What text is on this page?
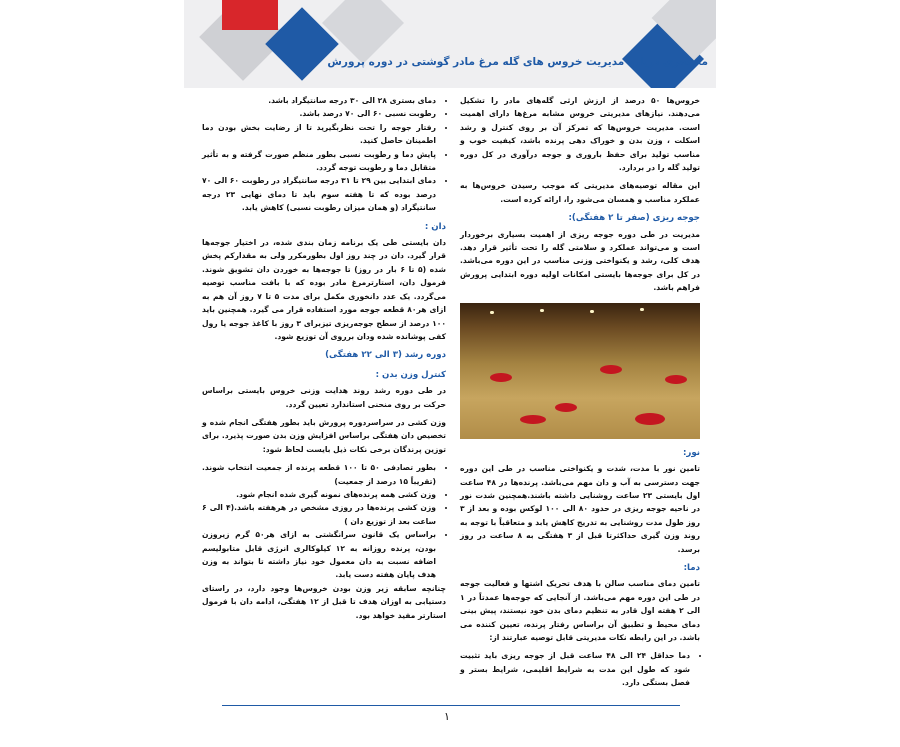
مختصری درباره مدیریت خروس های گله مرغ مادر گوشتی در دوره پرورش

خروس‌ها ۵۰ درصد از ارزش ارثی گله‌های مادر را تشکیل می‌دهند. نیازهای مدیریتی خروس مشابه مرغ‌ها دارای اهمیت است. مدیریت خروس‌ها که تمرکز آن بر روی کنترل و رشد اسکلت ، وزن بدن و خوراک دهی پرنده باشد، کیفیت خوب و مناسب تولید برای حفظ باروری و جوجه درآوری در کل دوره تولید گله را در بردارد.

این مقاله توصیه‌های مدیریتی که موجب رسیدن خروس‌ها به عملکرد مناسب و همسان می‌شود را، ارائه کرده است.

جوجه ریزی (صفر تا ۲ هفتگی):

مدیریت در طی دوره جوجه ریزی از اهمیت بسیاری برخوردار است و می‌تواند عملکرد و سلامتی گله را تحت تأثیر قرار دهد. هدف کلی، رشد و یکنواختی وزنی مناسب در این دوره می‌باشد. در کل برای جوجه‌ها بایستی امکانات اولیه دوره ابتدایی پرورش فراهم باشد.

نور:

تامین نور با مدت، شدت و یکنواختی مناسب در طی این دوره جهت دسترسی به آب و دان مهم می‌باشد. پرنده‌ها در ۴۸ ساعت اول بایستی ۲۳ ساعت روشنایی داشته باشند.همچنین شدت نور در ناحیه جوجه ریزی در حدود ۸۰ الی ۱۰۰ لوکس بوده و بعد از ۳ روز طول مدت روشنایی به تدریج کاهش یابد و متعاقباً با توجه به روند وزن گیری حداکثرتا قبل از ۳ هفتگی به ۸ ساعت در روز برسد.

دما:

تامین دمای مناسب سالن با هدف تحریک اشتها و فعالیت جوجه در طی این دوره مهم می‌باشد. از آنجایی که جوجه‌ها عمدتاً در ۱ الی ۲ هفته اول قادر به تنظیم دمای بدن خود نیستند، پیش بینی دمای محیط و تطبیق آن براساس رفتار پرنده، تعیین کننده می باشد. در این رابطه نکات مدیریتی قابل توصیه عبارتند از:

• دما حداقل ۲۴ الی ۴۸ ساعت قبل از جوجه ریزی باید تثبیت شود که طول این مدت به شرایط اقلیمی، شرایط بستر و فصل بستگی دارد.
• دمای بستری ۲۸ الی ۳۰ درجه سانتیگراد باشد.
• رطوبت نسبی ۶۰ الی ۷۰ درصد باشد.
• رفتار جوجه را تحت نظربگیرید تا از رضایت بخش بودن دما اطمینان حاصل کنید.
• پایش دما و رطوبت نسبی بطور منظم صورت گرفته و به تأثیر متقابل دما و رطوبت توجه گردد.
• دمای ابتدایی بین ۲۹ تا ۳۱ درجه سانتیگراد در رطوبت ۶۰ الی ۷۰ درصد بوده که تا هفته سوم باید تا دمای نهایی ۲۳ درجه سانتیگراد (و همان میزان رطوبت نسبی) کاهش یابد.
دان :

دان بایستی طی یک برنامه زمان بندی شده، در اختیار جوجه‌ها قرار گیرد. دان در چند روز اول بطورمکرر ولی به مقدارکم پخش شده (۵ تا ۶ بار در روز) تا جوجه‌ها به خوردن دان تشویق شوند. فرمول دان، استارترمرغ مادر بوده که با بافت مناسب توصیه می‌گردد. یک عدد دانخوری مکمل برای مدت ۵ تا ۷ روز آن هم به ازای هر۸۰ قطعه جوجه مورد استفاده قرار می گیرد. همچنین باید ۱۰۰ درصد از سطح جوجه‌ریزی تیزبرای ۳ روز با کاغذ جوجه یا رول کفی پوشانده شده ودان برروی آن توزیع شود.

دوره رشد (۳ الی ۲۲ هفتگی)
کنترل وزن بدن :

در طی دوره رشد روند هدایت وزنی خروس بایستی براساس حرکت بر روی منحنی استاندارد تعیین گردد.

وزن کشی در سراسردوره پرورش باید بطور هفتگی انجام شده و تخصیص دان هفتگی براساس افزایش وزن بدن صورت پذیرد. برای توزین پرندگان برخی نکات ذیل بایست لحاظ شود:

• بطور تصادفی ۵۰ تا ۱۰۰ قطعه پرنده از جمعیت انتخاب شوند. (تقریباً ۱۵ درصد از جمعیت)
• وزن کشی همه پرنده‌های نمونه گیری شده انجام شود.
• وزن کشی پرنده‌ها در روزی مشخص در هرهفته باشد.(۴ الی ۶ ساعت بعد از توزیع دان )
• براساس یک قانون سرانگشتی به ازای هر۵۰ گرم زیروزن بودن، پرنده روزانه به ۱۲ کیلوکالری انرژی قابل متابولیسم اضافه نسبت به دان معمول خود نیاز داشته تا بتواند به وزن هدف پایان هفته دست یابد.

چنانچه سابقه زیر وزن بودن خروس‌ها وجود دارد، در راستای دستیابی به اوزان هدف تا قبل از ۱۲ هفتگی، ادامه دان با فرمول استارتر مفید خواهد بود.

۱
